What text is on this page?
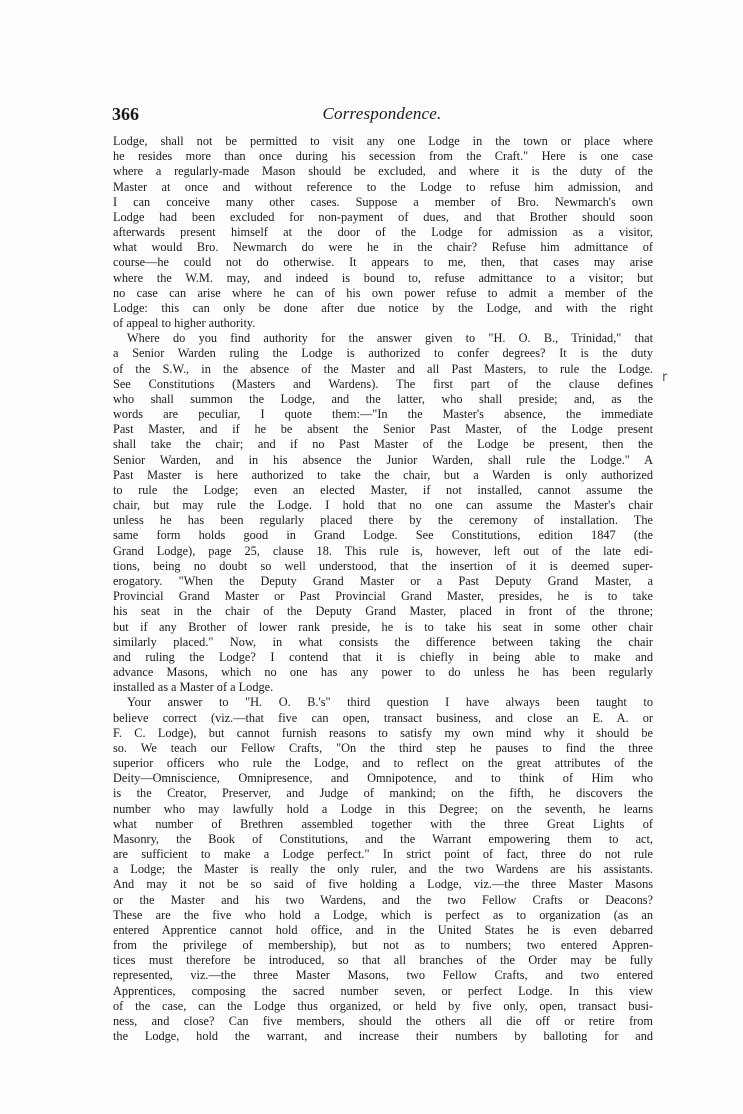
366	Correspondence.
Lodge, shall not be permitted to visit any one Lodge in the town or place where
he resides more than once during his secession from the Craft." Here is one case
where a regularly-made Mason should be excluded, and where it is the duty of the
Master at once and without reference to the Lodge to refuse him admission, and
I can conceive many other cases. Suppose a member of Bro. Newmarch's own
Lodge had been excluded for non-payment of dues, and that Brother should soon
afterwards present himself at the door of the Lodge for admission as a visitor,
what would Bro. Newmarch do were he in the chair? Refuse him admittance of
course—he could not do otherwise. It appears to me, then, that cases may arise
where the W.M. may, and indeed is bound to, refuse admittance to a visitor; but
no case can arise where he can of his own power refuse to admit a member of the
Lodge: this can only be done after due notice by the Lodge, and with the right
of appeal to higher authority.
Where do you find authority for the answer given to "H. O. B., Trinidad," that
a Senior Warden ruling the Lodge is authorized to confer degrees? It is the duty
of the S.W., in the absence of the Master and all Past Masters, to rule the Lodge.
See Constitutions (Masters and Wardens). The first part of the clause defines
who shall summon the Lodge, and the latter, who shall preside; and, as the
words are peculiar, I quote them:—"In the Master's absence, the immediate
Past Master, and if he be absent the Senior Past Master, of the Lodge present
shall take the chair; and if no Past Master of the Lodge be present, then the
Senior Warden, and in his absence the Junior Warden, shall rule the Lodge." A
Past Master is here authorized to take the chair, but a Warden is only authorized
to rule the Lodge; even an elected Master, if not installed, cannot assume the
chair, but may rule the Lodge. I hold that no one can assume the Master's chair
unless he has been regularly placed there by the ceremony of installation. The
same form holds good in Grand Lodge. See Constitutions, edition 1847 (the
Grand Lodge), page 25, clause 18. This rule is, however, left out of the late edi-
tions, being no doubt so well understood, that the insertion of it is deemed super-
erogatory. "When the Deputy Grand Master or a Past Deputy Grand Master, a
Provincial Grand Master or Past Provincial Grand Master, presides, he is to take
his seat in the chair of the Deputy Grand Master, placed in front of the throne;
but if any Brother of lower rank preside, he is to take his seat in some other chair
similarly placed." Now, in what consists the difference between taking the chair
and ruling the Lodge? I contend that it is chiefly in being able to make and
advance Masons, which no one has any power to do unless he has been regularly
installed as a Master of a Lodge.
Your answer to "H. O. B.'s" third question I have always been taught to
believe correct (viz.—that five can open, transact business, and close an E. A. or
F. C. Lodge), but cannot furnish reasons to satisfy my own mind why it should be
so. We teach our Fellow Crafts, "On the third step he pauses to find the three
superior officers who rule the Lodge, and to reflect on the great attributes of the
Deity—Omniscience, Omnipresence, and Omnipotence, and to think of Him who
is the Creator, Preserver, and Judge of mankind; on the fifth, he discovers the
number who may lawfully hold a Lodge in this Degree; on the seventh, he learns
what number of Brethren assembled together with the three Great Lights of
Masonry, the Book of Constitutions, and the Warrant empowering them to act,
are sufficient to make a Lodge perfect." In strict point of fact, three do not rule
a Lodge; the Master is really the only ruler, and the two Wardens are his assistants.
And may it not be so said of five holding a Lodge, viz.—the three Master Masons
or the Master and his two Wardens, and the two Fellow Crafts or Deacons?
These are the five who hold a Lodge, which is perfect as to organization (as an
entered Apprentice cannot hold office, and in the United States he is even debarred
from the privilege of membership), but not as to numbers; two entered Appren-
tices must therefore be introduced, so that all branches of the Order may be fully
represented, viz.—the three Master Masons, two Fellow Crafts, and two entered
Apprentices, composing the sacred number seven, or perfect Lodge. In this view
of the case, can the Lodge thus organized, or held by five only, open, transact busi-
ness, and close? Can five members, should the others all die off or retire from
the Lodge, hold the warrant, and increase their numbers by balloting for and
r
